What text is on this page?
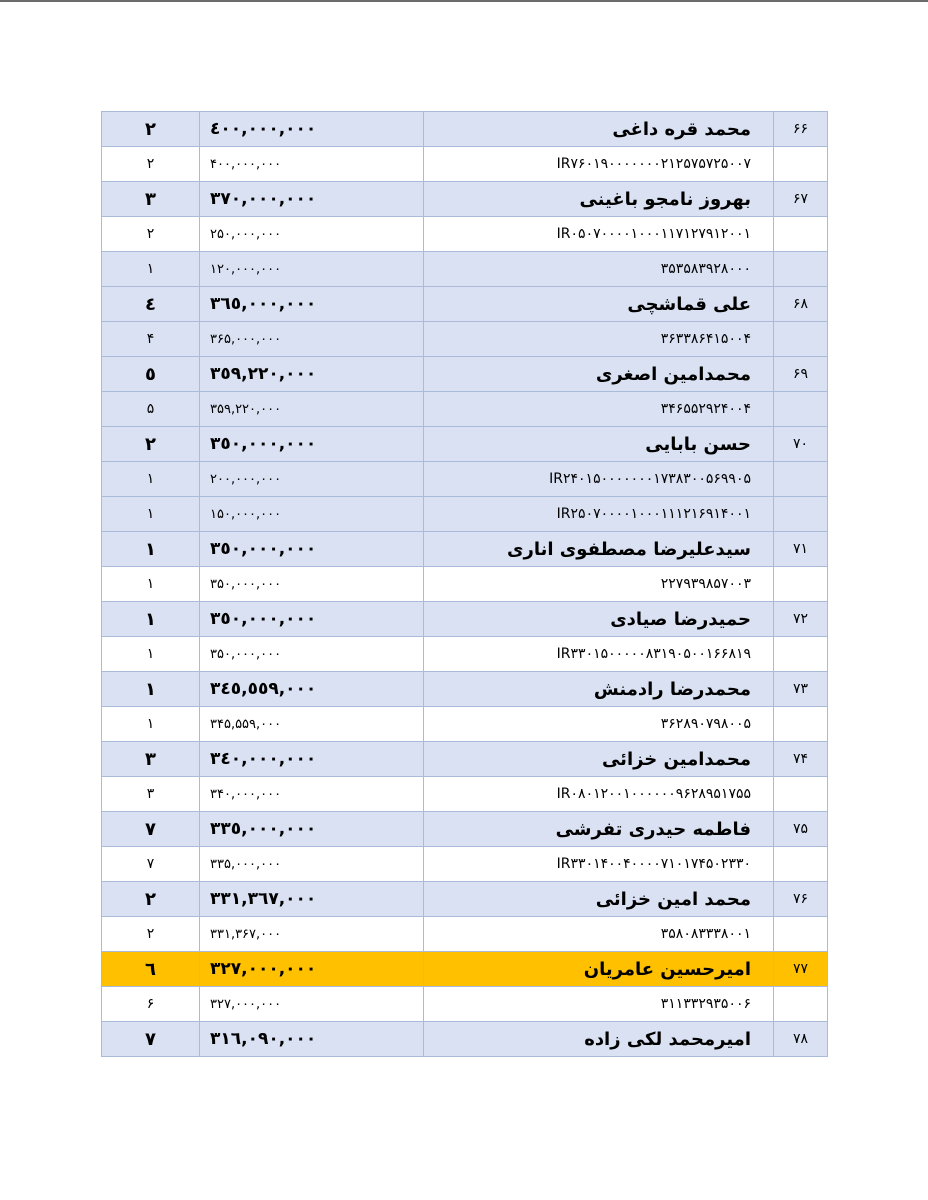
۶۶	محمد قره داغی	٤٠٠,٠٠٠,٠٠٠	٢
	IR۷۶۰۱۹۰۰۰۰۰۰۰۲۱۲۵۷۵۷۲۵۰۰۷	۴۰۰,۰۰۰,۰۰۰	۲
۶۷	بهروز نامجو باغینی	٣٧٠,٠٠٠,٠٠٠	٣
	IR۰۵۰۷۰۰۰۰۱۰۰۰۱۱۷۱۲۷۹۱۲۰۰۱	۲۵۰,۰۰۰,۰۰۰	۲
	۳۵۳۵۸۳۹۲۸۰۰۰	۱۲۰,۰۰۰,۰۰۰	۱
۶۸	علی قماشچی	٣٦٥,٠٠٠,٠٠٠	٤
	۳۶۳۳۸۶۴۱۵۰۰۴	۳۶۵,۰۰۰,۰۰۰	۴
۶۹	محمدامین اصغری	٣٥٩,٢٢٠,٠٠٠	٥
	۳۴۶۵۵۲۹۲۴۰۰۴	۳۵۹,۲۲۰,۰۰۰	۵
۷۰	حسن بابایی	٣٥٠,٠٠٠,٠٠٠	٢
	IR۲۴۰۱۵۰۰۰۰۰۰۰۱۷۳۸۳۰۰۵۶۹۹۰۵	۲۰۰,۰۰۰,۰۰۰	۱
	IR۲۵۰۷۰۰۰۰۱۰۰۰۱۱۱۲۱۶۹۱۴۰۰۱	۱۵۰,۰۰۰,۰۰۰	۱
۷۱	سیدعلیرضا مصطفوی اناری	٣٥٠,٠٠٠,٠٠٠	١
	۲۲۷۹۳۹۸۵۷۰۰۳	۳۵۰,۰۰۰,۰۰۰	۱
۷۲	حمیدرضا صیادی	٣٥٠,٠٠٠,٠٠٠	١
	IR۳۳۰۱۵۰۰۰۰۰۸۳۱۹۰۵۰۰۱۶۶۸۱۹	۳۵۰,۰۰۰,۰۰۰	۱
۷۳	محمدرضا رادمنش	٣٤٥,٥٥٩,٠٠٠	١
	۳۶۲۸۹۰۷۹۸۰۰۵	۳۴۵,۵۵۹,۰۰۰	۱
۷۴	محمدامین خزائی	٣٤٠,٠٠٠,٠٠٠	٣
	IR۰۸۰۱۲۰۰۱۰۰۰۰۰۰۹۶۲۸۹۵۱۷۵۵	۳۴۰,۰۰۰,۰۰۰	۳
۷۵	فاطمه حیدری تفرشی	٣٣٥,٠٠٠,٠٠٠	٧
	IR۳۳۰۱۴۰۰۴۰۰۰۰۷۱۰۱۷۴۵۰۲۳۳۰	۳۳۵,۰۰۰,۰۰۰	۷
۷۶	محمد امین خزائی	٣٣١,٣٦٧,٠٠٠	٢
	۳۵۸۰۸۳۳۳۸۰۰۱	۳۳۱,۳۶۷,۰۰۰	۲
۷۷	امیرحسین عامریان	٣٢٧,٠٠٠,٠٠٠	٦
	۳۱۱۳۳۲۹۳۵۰۰۶	۳۲۷,۰۰۰,۰۰۰	۶
۷۸	امیرمحمد لکی زاده	٣١٦,٠٩٠,٠٠٠	٧
